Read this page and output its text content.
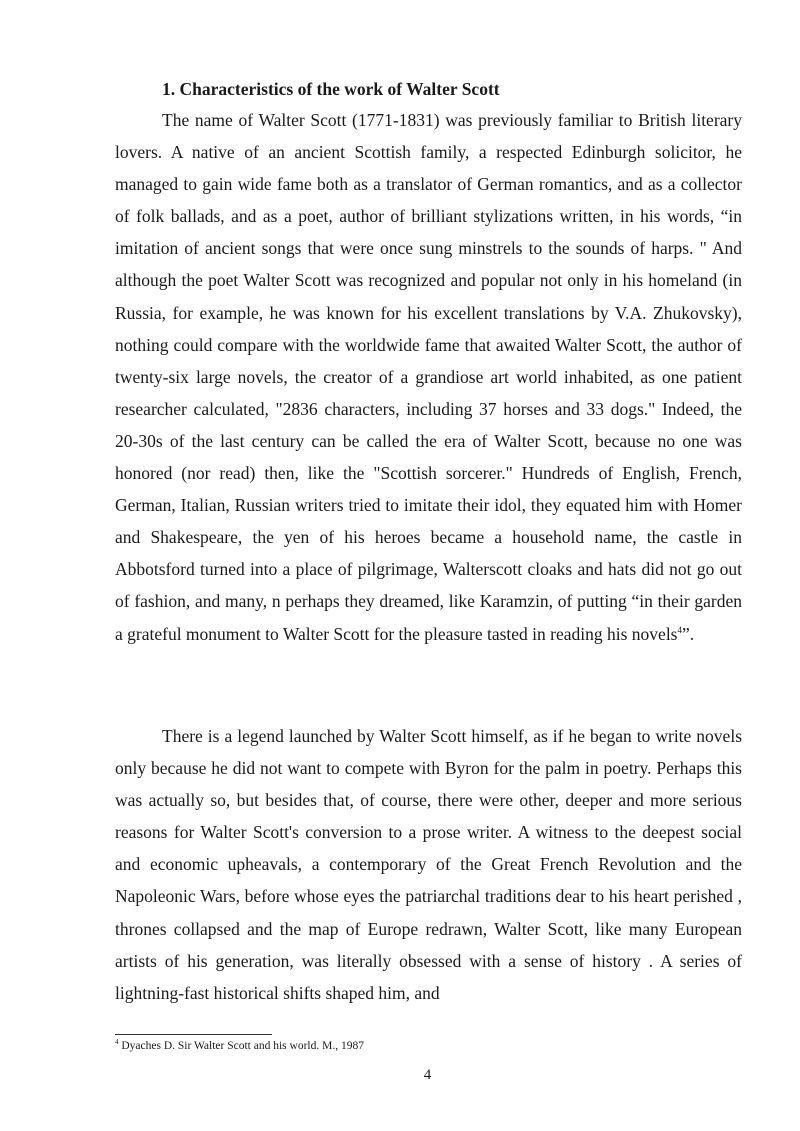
1. Characteristics of the work of Walter Scott

The name of Walter Scott (1771-1831) was previously familiar to British literary lovers. A native of an ancient Scottish family, a respected Edinburgh solicitor, he managed to gain wide fame both as a translator of German romantics, and as a collector of folk ballads, and as a poet, author of brilliant stylizations written, in his words, “in imitation of ancient songs that were once sung minstrels to the sounds of harps. " And although the poet Walter Scott was recognized and popular not only in his homeland (in Russia, for example, he was known for his excellent translations by V.A. Zhukovsky), nothing could compare with the worldwide fame that awaited Walter Scott, the author of twenty-six large novels, the creator of a grandiose art world inhabited, as one patient researcher calculated, "2836 characters, including 37 horses and 33 dogs." Indeed, the 20-30s of the last century can be called the era of Walter Scott, because no one was honored (nor read) then, like the "Scottish sorcerer." Hundreds of English, French, German, Italian, Russian writers tried to imitate their idol, they equated him with Homer and Shakespeare, the yen of his heroes became a household name, the castle in Abbotsford turned into a place of pilgrimage, Walterscott cloaks and hats did not go out of fashion, and many, n perhaps they dreamed, like Karamzin, of putting “in their garden a grateful monument to Walter Scott for the pleasure tasted in reading his novels$^4$”.

There is a legend launched by Walter Scott himself, as if he began to write novels only because he did not want to compete with Byron for the palm in poetry. Perhaps this was actually so, but besides that, of course, there were other, deeper and more serious reasons for Walter Scott's conversion to a prose writer. A witness to the deepest social and economic upheavals, a contemporary of the Great French Revolution and the Napoleonic Wars, before whose eyes the patriarchal traditions dear to his heart perished , thrones collapsed and the map of Europe redrawn, Walter Scott, like many European artists of his generation, was literally obsessed with a sense of history . A series of lightning-fast historical shifts shaped him, and

$^4$ Dyaches D. Sir Walter Scott and his world. M., 1987

4
